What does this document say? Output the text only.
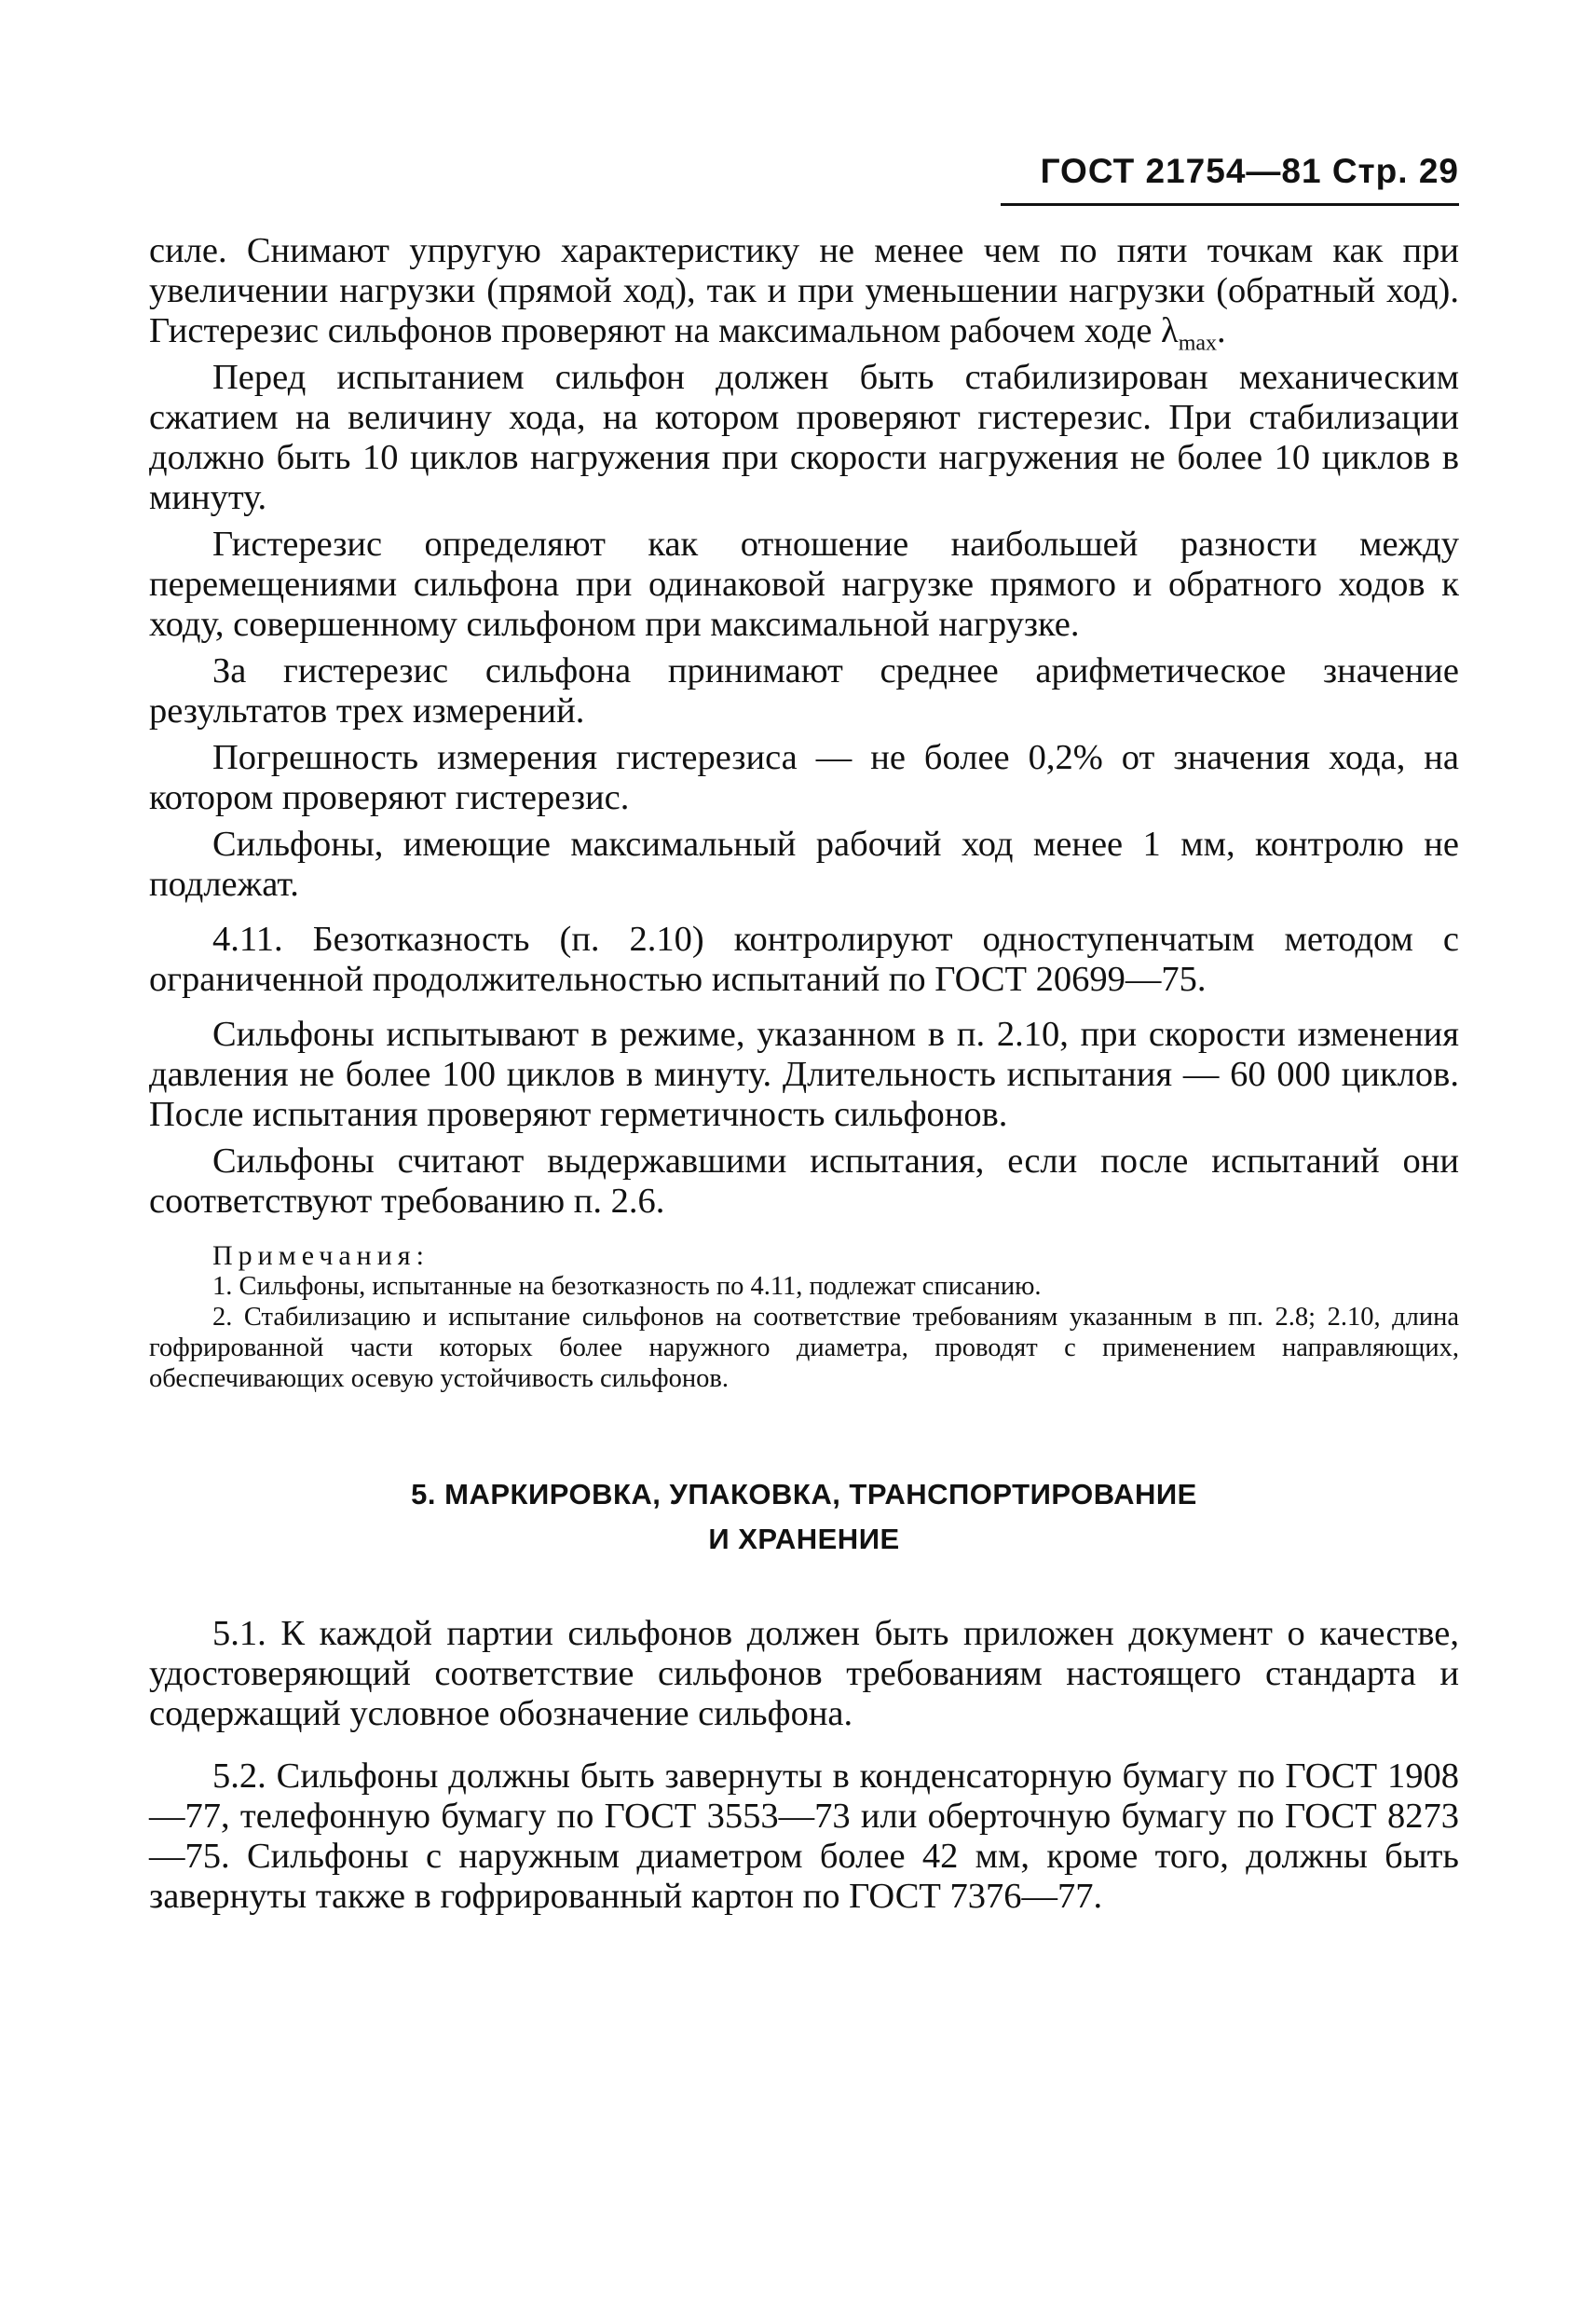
ГОСТ 21754—81 Стр. 29

силе. Снимают упругую характеристику не менее чем по пяти точкам как при увеличении нагрузки (прямой ход), так и при уменьшении нагрузки (обратный ход). Гистерезис сильфонов проверяют на максимальном рабочем ходе $\lambda_{max}$.

Перед испытанием сильфон должен быть стабилизирован механическим сжатием на величину хода, на котором проверяют гистерезис. При стабилизации должно быть 10 циклов нагружения при скорости нагружения не более 10 циклов в минуту.

Гистерезис определяют как отношение наибольшей разности между перемещениями сильфона при одинаковой нагрузке прямого и обратного ходов к ходу, совершенному сильфоном при максимальной нагрузке.

За гистерезис сильфона принимают среднее арифметическое значение результатов трех измерений.

Погрешность измерения гистерезиса — не более 0,2% от значения хода, на котором проверяют гистерезис.

Сильфоны, имеющие максимальный рабочий ход менее 1 мм, контролю не подлежат.

4.11. Безотказность (п. 2.10) контролируют одноступенчатым методом с ограниченной продолжительностью испытаний по ГОСТ 20699—75.

Сильфоны испытывают в режиме, указанном в п. 2.10, при скорости изменения давления не более 100 циклов в минуту. Длительность испытания — 60 000 циклов. После испытания проверяют герметичность сильфонов.

Сильфоны считают выдержавшими испытания, если после испытаний они соответствуют требованию п. 2.6.

Примечания:

1. Сильфоны, испытанные на безотказность по 4.11, подлежат списанию.

2. Стабилизацию и испытание сильфонов на соответствие требованиям указанным в пп. 2.8; 2.10, длина гофрированной части которых более наружного диаметра, проводят с применением направляющих, обеспечивающих осевую устойчивость сильфонов.

5. МАРКИРОВКА, УПАКОВКА, ТРАНСПОРТИРОВАНИЕ
И ХРАНЕНИЕ

5.1. К каждой партии сильфонов должен быть приложен документ о качестве, удостоверяющий соответствие сильфонов требованиям настоящего стандарта и содержащий условное обозначение сильфона.

5.2. Сильфоны должны быть завернуты в конденсаторную бумагу по ГОСТ 1908—77, телефонную бумагу по ГОСТ 3553—73 или оберточную бумагу по ГОСТ 8273—75. Сильфоны с наружным диаметром более 42 мм, кроме того, должны быть завернуты также в гофрированный картон по ГОСТ 7376—77.
